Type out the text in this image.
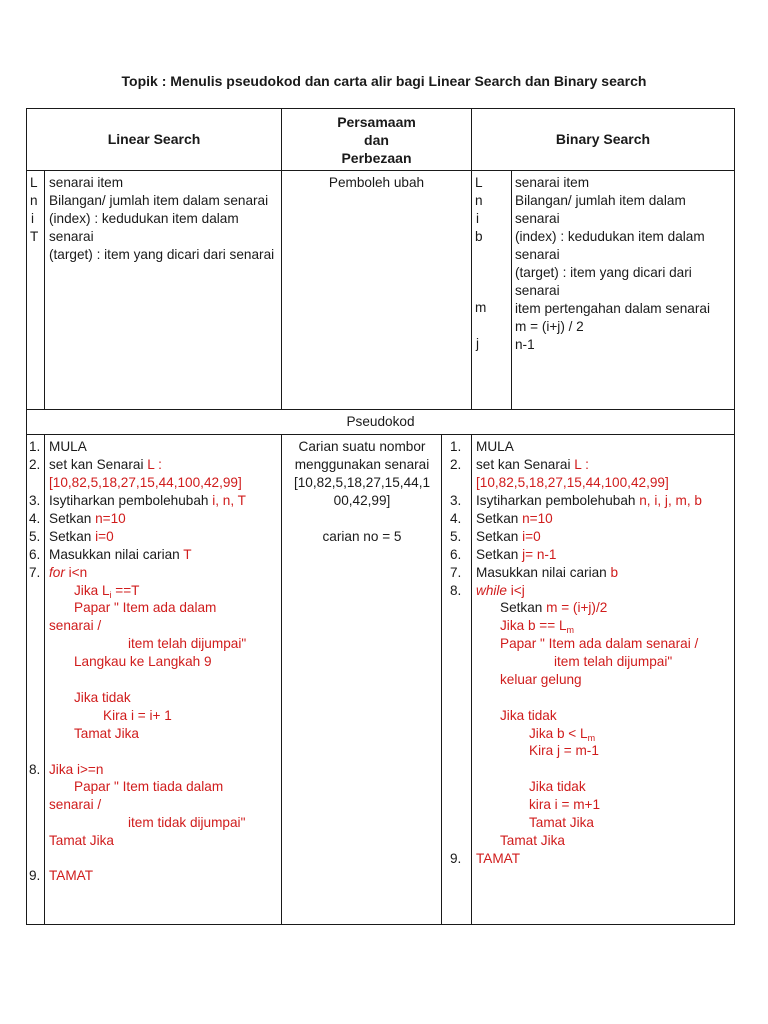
Topik : Menulis pseudokod dan carta alir bagi Linear Search dan Binary search
Linear Search
Persamaam
dan
Perbezaan
Binary Search
L
n
i
T
senarai item
Bilangan/ jumlah item dalam senarai
(index) : kedudukan item dalam senarai
(target) : item yang dicari dari senarai
Pemboleh ubah	L
n
i
b
m
j
senarai item
Bilangan/ jumlah item dalam senarai
(index) : kedudukan item dalam senarai
(target) : item yang dicari dari senarai
item pertengahan dalam senarai
m = (i+j) / 2
n-1
Pseudokod
1.
2.
3.
4.
5.
6.
7.
8.
9.
MULA
set kan Senarai L :
[10,82,5,18,27,15,44,100,42,99]
Isytiharkan pembolehubah i, n, T
Setkan n=10
Setkan i=0
Masukkan nilai carian T
for i<n
Jika $L_i ==T$
Papar " Item ada dalam
senarai /
item telah dijumpai"
Langkau ke Langkah 9
Jika tidak
Kira i = i+ 1
Tamat Jika
Jika i>=n
Papar " Item tiada dalam
senarai /
item tidak dijumpai"
Tamat Jika
TAMAT
Carian suatu nombor
menggunakan senarai
[10,82,5,18,27,15,44,1
00,42,99]
carian no = 5
1.
2.
3.
4.
5.
6.
7.
8.
9.
MULA
set kan Senarai L :
[10,82,5,18,27,15,44,100,42,99]
Isytiharkan pembolehubah n, i, j, m, b
Setkan n=10
Setkan i=0
Setkan j= n-1
Masukkan nilai carian b
while i<j
Setkan m = (i+j)/2
Jika $b == L_m$
Papar " Item ada dalam senarai /
item telah dijumpai"
keluar gelung
Jika tidak
Jika $b < L_m$
Kira j = m-1
Jika tidak
kira i = m+1
Tamat Jika
Tamat Jika
TAMAT
